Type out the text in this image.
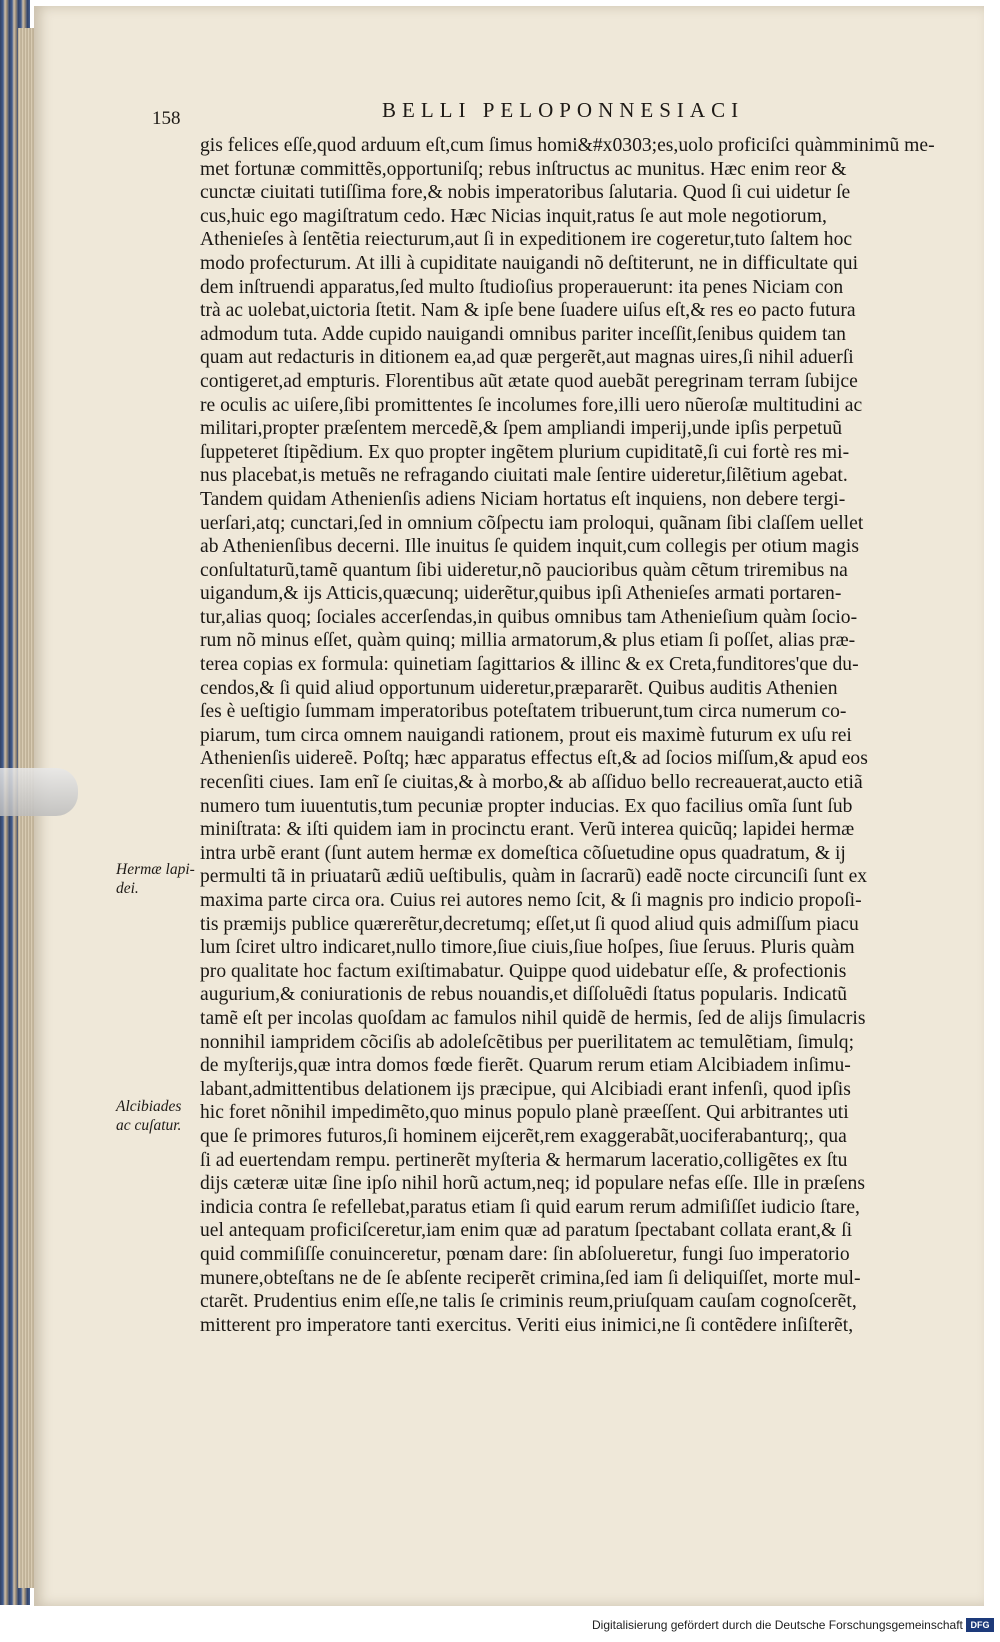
158	BELLI PELOPONNESIACI
Hermæ lapi- dei.
Alcibiades ac cuſatur.
gis felices eſſe,quod arduum eſt,cum ſimus homi&#x0303;es,uolo proficiſci quàmminimũ me-
met fortunæ committẽs,opportuniſq; rebus inſtructus ac munitus. Hæc enim reor &
cunctæ ciuitati tutiſſima fore,& nobis imperatoribus ſalutaria. Quod ſi cui uidetur ſe
cus,huic ego magiſtratum cedo. Hæc Nicias inquit,ratus ſe aut mole negotiorum,
Athenieſes à ſentẽtia reiecturum,aut ſi in expeditionem ire cogeretur,tuto ſaltem hoc
modo profecturum. At illi à cupiditate nauigandi nõ deſtiterunt, ne in difficultate qui
dem inſtruendi apparatus,ſed multo ſtudioſius properauerunt: ita penes Niciam con
trà ac uolebat,uictoria ſtetit. Nam & ipſe bene ſuadere uiſus eſt,& res eo pacto futura
admodum tuta. Adde cupido nauigandi omnibus pariter inceſſit,ſenibus quidem tan
quam aut redacturis in ditionem ea,ad quæ pergerẽt,aut magnas uires,ſi nihil aduerſi
contigeret,ad empturis. Florentibus aũt ætate quod auebãt peregrinam terram ſubijce
re oculis ac uiſere,ſibi promittentes ſe incolumes fore,illi uero nũeroſæ multitudini ac
militari,propter præſentem mercedẽ,& ſpem ampliandi imperij,unde ipſis perpetuũ
ſuppeteret ſtipẽdium. Ex quo propter ingẽtem plurium cupiditatẽ,ſi cui fortè res mi-
nus placebat,is metuẽs ne refragando ciuitati male ſentire uideretur,ſilẽtium agebat.
Tandem quidam Athenienſis adiens Niciam hortatus eſt inquiens, non debere tergi-
uerſari,atq; cunctari,ſed in omnium cõſpectu iam proloqui, quãnam ſibi claſſem uellet
ab Athenienſibus decerni. Ille inuitus ſe quidem inquit,cum collegis per otium magis
conſultaturũ,tamẽ quantum ſibi uideretur,nõ paucioribus quàm cẽtum triremibus na
uigandum,& ijs Atticis,quæcunq; uiderẽtur,quibus ipſi Athenieſes armati portaren-
tur,alias quoq; ſociales accerſendas,in quibus omnibus tam Athenieſium quàm ſocio-
rum nõ minus eſſet, quàm quinq; millia armatorum,& plus etiam ſi poſſet, alias præ-
terea copias ex formula: quinetiam ſagittarios & illinc & ex Creta,funditores'que du-
cendos,& ſi quid aliud opportunum uideretur,præpararẽt. Quibus auditis Athenien
ſes è ueſtigio ſummam imperatoribus poteſtatem tribuerunt,tum circa numerum co-
piarum, tum circa omnem nauigandi rationem, prout eis maximè futurum ex uſu rei
Athenienſis uidereẽ. Poſtq; hæc apparatus effectus eſt,& ad ſocios miſſum,& apud eos
recenſiti ciues. Iam enĩ ſe ciuitas,& à morbo,& ab aſſiduo bello recreauerat,aucto etiã
numero tum iuuentutis,tum pecuniæ propter inducias. Ex quo facilius omĩa ſunt ſub
miniſtrata: & iſti quidem iam in procinctu erant. Verũ interea quicũq; lapidei hermæ
intra urbẽ erant (ſunt autem hermæ ex domeſtica cõſuetudine opus quadratum, & ij
permulti tã in priuatarũ ædiũ ueſtibulis, quàm in ſacrarũ) eadẽ nocte circunciſi ſunt ex
maxima parte circa ora. Cuius rei autores nemo ſcit, & ſi magnis pro indicio propoſi-
tis præmijs publice quærerẽtur,decretumq; eſſet,ut ſi quod aliud quis admiſſum piacu
lum ſciret ultro indicaret,nullo timore,ſiue ciuis,ſiue hoſpes, ſiue ſeruus. Pluris quàm
pro qualitate hoc factum exiſtimabatur. Quippe quod uidebatur eſſe, & profectionis
augurium,& coniurationis de rebus nouandis,et diſſoluẽdi ſtatus popularis. Indicatũ
tamẽ eſt per incolas quoſdam ac famulos nihil quidẽ de hermis, ſed de alijs ſimulacris
nonnihil iampridem cõciſis ab adoleſcẽtibus per puerilitatem ac temulẽtiam, ſimulq;
de myſterijs,quæ intra domos fœde fierẽt. Quarum rerum etiam Alcibiadem inſimu-
labant,admittentibus delationem ijs præcipue, qui Alcibiadi erant infenſi, quod ipſis
hic foret nõnihil impedimẽto,quo minus populo planè præeſſent. Qui arbitrantes uti
que ſe primores futuros,ſi hominem eijcerẽt,rem exaggerabãt,uociferabanturq;, qua
ſi ad euertendam rempu. pertinerẽt myſteria & hermarum laceratio,colligẽtes ex ſtu
dijs cæteræ uitæ ſine ipſo nihil horũ actum,neq; id populare nefas eſſe. Ille in præſens
indicia contra ſe refellebat,paratus etiam ſi quid earum rerum admiſiſſet iudicio ſtare,
uel antequam proficiſceretur,iam enim quæ ad paratum ſpectabant collata erant,& ſi
quid commiſiſſe conuinceretur, pœnam dare: ſin abſolueretur, fungi ſuo imperatorio
munere,obteſtans ne de ſe abſente reciperẽt crimina,ſed iam ſi deliquiſſet, morte mul-
ctarẽt. Prudentius enim eſſe,ne talis ſe criminis reum,priuſquam cauſam cognoſcerẽt,
mitterent pro imperatore tanti exercitus. Veriti eius inimici,ne ſi contẽdere inſiſterẽt,
Digitalisierung gefördert durch die Deutsche Forschungsgemeinschaft DFG
